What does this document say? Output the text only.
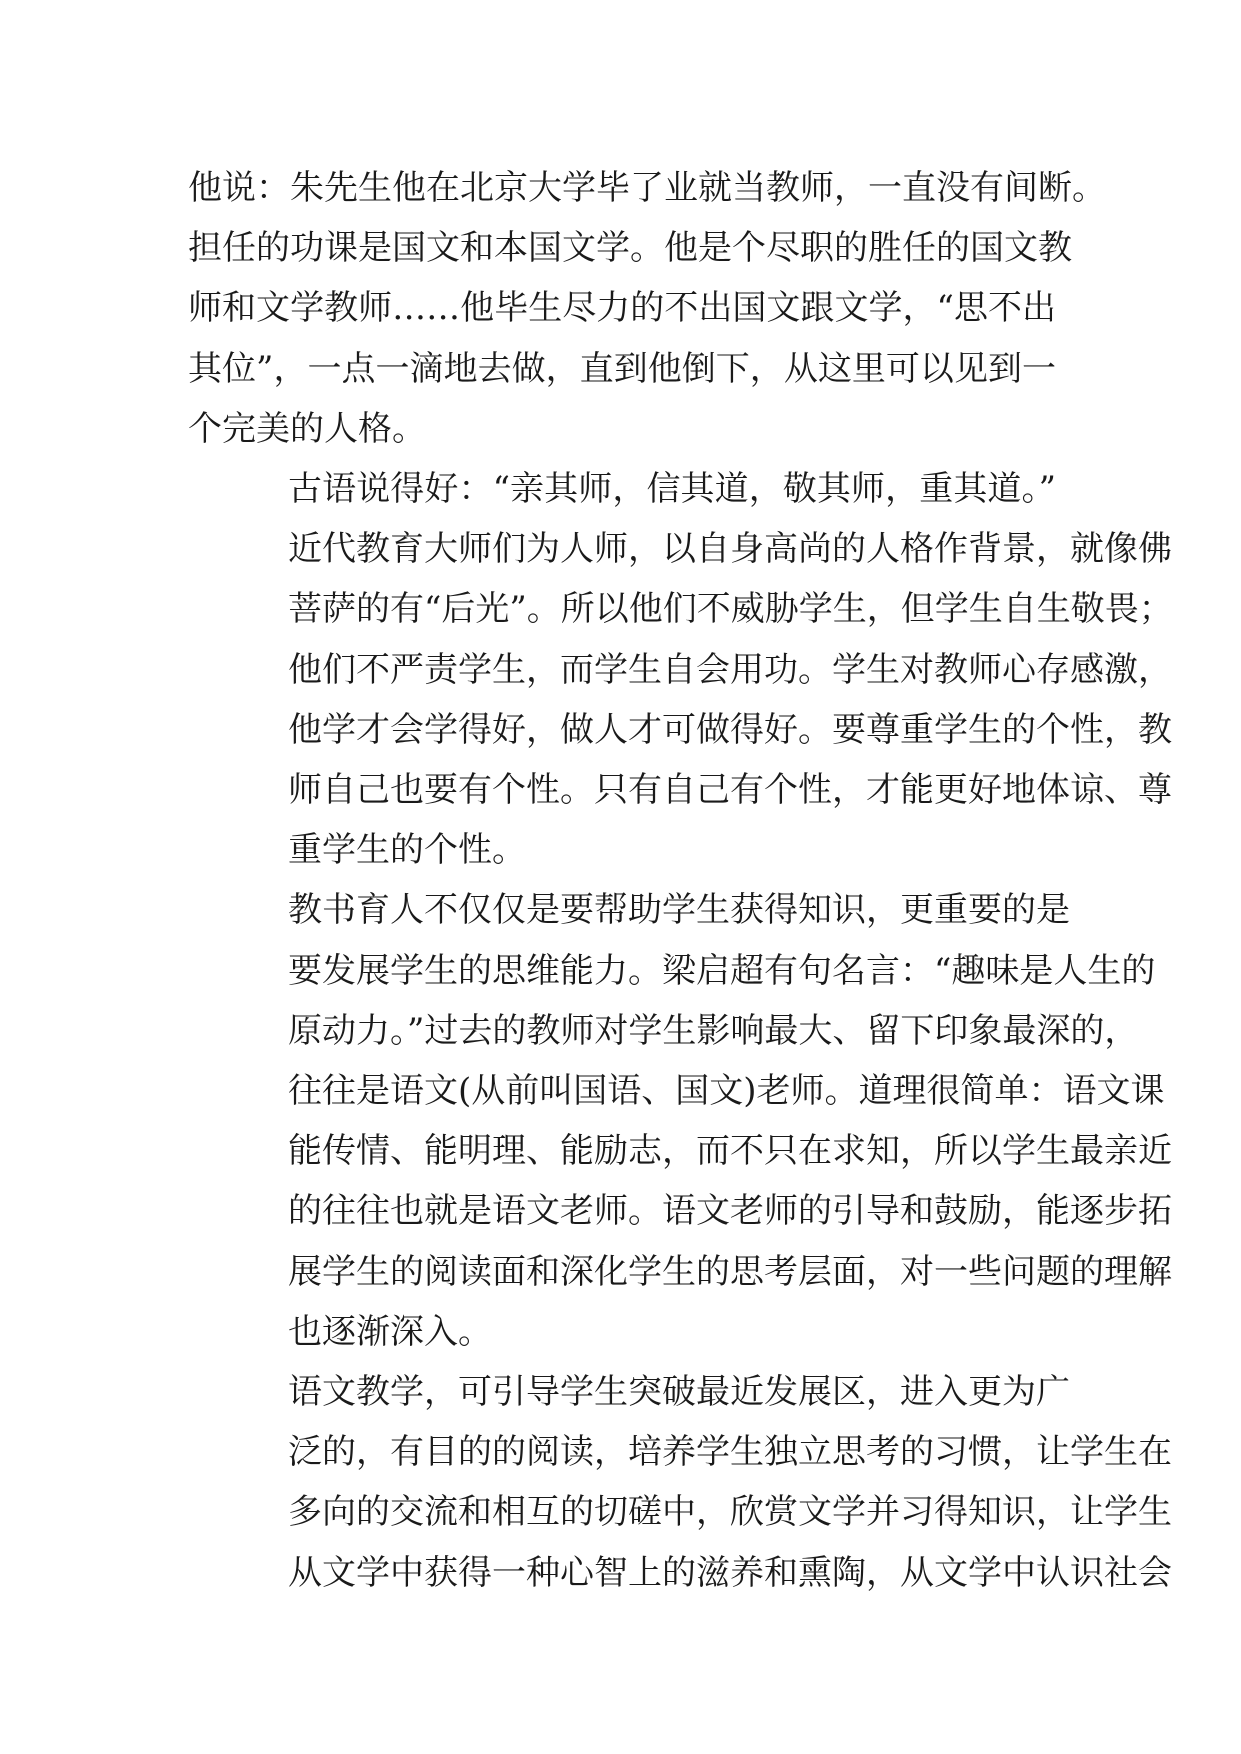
他说：朱先生他在北京大学毕了业就当教师，一直没有间断。
担任的功课是国文和本国文学。他是个尽职的胜任的国文教
师和文学教师……他毕生尽力的不出国文跟文学，“思不出
其位”，一点一滴地去做，直到他倒下，从这里可以见到一
个完美的人格。

古语说得好：“亲其师，信其道，敬其师，重其道。”
近代教育大师们为人师，以自身高尚的人格作背景，就像佛
菩萨的有“后光”。所以他们不威胁学生，但学生自生敬畏；
他们不严责学生，而学生自会用功。学生对教师心存感激，
他学才会学得好，做人才可做得好。要尊重学生的个性，教
师自己也要有个性。只有自己有个性，才能更好地体谅、尊
重学生的个性。

教书育人不仅仅是要帮助学生获得知识，更重要的是
要发展学生的思维能力。梁启超有句名言：“趣味是人生的
原动力。”过去的教师对学生影响最大、留下印象最深的，
往往是语文(从前叫国语、国文)老师。道理很简单：语文课
能传情、能明理、能励志，而不只在求知，所以学生最亲近
的往往也就是语文老师。语文老师的引导和鼓励，能逐步拓
展学生的阅读面和深化学生的思考层面，对一些问题的理解
也逐渐深入。

语文教学，可引导学生突破最近发展区，进入更为广
泛的，有目的的阅读，培养学生独立思考的习惯，让学生在
多向的交流和相互的切磋中，欣赏文学并习得知识，让学生
从文学中获得一种心智上的滋养和熏陶，从文学中认识社会
